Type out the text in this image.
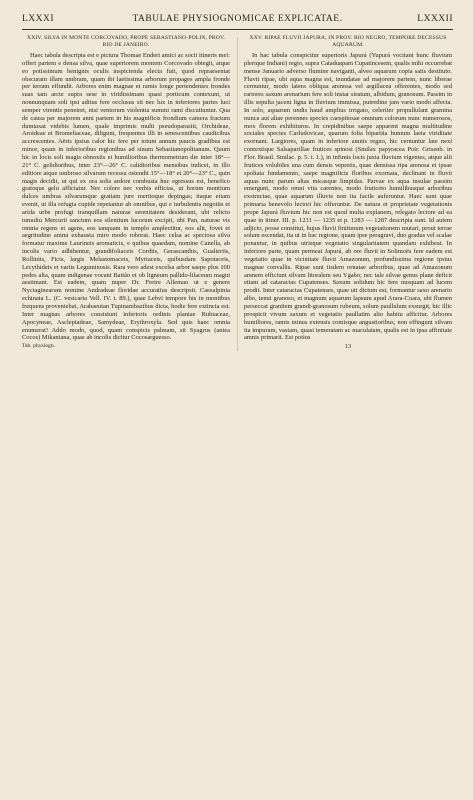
LXXXI	TABULAE PHYSIOGNOMICAE EXPLICATAE.	LXXXII
XXIV. SILVA IN MONTE CORCOVADO, PROPE SEBASTIANO-POLIN, PROV. RIO DE JANEIRO.

Haec tabula descripta est e pictura Thomae Enderi amici ac socii itineris mei: offert partem e densa silva, quae superiorem montem Corcovado obtegit, atque eo potissimum benignis oculis inspicienda electa fuit, quod repraesentat obscuram illam umbram, quam ibi laetissima arborum propages ampla fronde per terram effundit. Arbores enim magnae et ramis longe pertendentes frondes suas tam arcte supra sese in viridissimam quasi porticum contexunt, ut nonnunquam soli ipsi aditus fere occlusus sit nec lux in inferiores partes luci semper virentis penetret, nisi ventorum violentia summi rami discutiuntur. Qua de causa per majorem anni partem in his magnificis frondium camera fractum dumtaxat videbis lumen, quale imprimis multi pseudoparasiti, Orchideae, Aroideae et Bromeliaceae, diligunt, frequentes illi in senescentibus caudicibus accrescentes. Aëris ipsius calor hic fere per totum annum paucis gradibus est minor, quam in inferioribus regionibus ad sinum Sebastianopolitanum. Quum hic in locis soli magis obnoxiis et humilioribus thermometrum die inter 18°—21° C. gelidioribus, inter 23°—26° C. calidioribus mensibus indicet, in illo editiore atque umbroso silvarum recessu ostendit 15°—18° et 20°—23° C., quin magis decidit, ut qui ex ora solis ardore combusta huc egressus est, benefico gratoque gelu afficiatur. Nec colore nec verbis efficias, ut horum montium dulces umbras silvarumque gratiam jure meritoque depingas; itaque etiam evenit, ut illa refugia cupide repetantur ab omnibus, qui e turbulentis negotiis et arida urbe profugi tranquillam naturae serenitatem desiderant, ubi relicto tumultu Mercurii sanctum eos silentium lucorum excipit, ubi Pan, naturae vis omnia regens et agens, eos tanquam in templo amplectitur, eos alit, fovet et aegritudine animi exhausta miro modo roborat. Haec celsa ac speciosa silva formatur maxime Laurineis aromaticis, e quibus quaedam, nomine Canella, ab incolis vario adhibentur, grandifoliaceis Cordiis, Gerascanthis, Gualteriis, Rolliniis, Ficis, largis Melastomaceis, Myrtaceis, quibusdam Sapotaceis, Lecythideis et variis Leguminosis. Rara vero adest excelsa arbor saepe plus 100 pedes alta, quam indigenae vocant Battão et ob ligneum pallido-lilaceum magni aestimant. Est eadem, quam nuper Dr. Freire Allemao ut e genere Nyctaginearum nomine Andradeae floridae accuratius descripsit. Caesalpinia echinata L. (C. vesicaria Vell. IV. t. 89.), quae Lebvi tempore his in montibus frequens proveniebat, Arabaeutan Tupinambazibus dicta, hodie fere extincta est. Inter magnas arbores consistunt inferioris ordinis plantae Rubiaceae, Apocyneae, Asclepiadeae, Samydeae, Erythroxyla. Sed quis haec omnia enumerat! Addo modo, quod, quam conspicis palmam, sit Syagrus (antea Cocos) Mikaniana, quae ab incolis dicitur Cocosarguesso.

Tab. physiogn.
XXV. RIPAE FLUVII JAPURA, IN PROV. RIO NEGRO, TEMPORE DECESSUS AQUARUM.

In hac tabula conspicitur superioris Japurá (Yupurá vocitant hunc fluvium plerique Indiani) regio, supra Cataduapam Cupatincesem, qualis mihi occurrebat mense Januario adverso flumine naviganti, alveo aquarum copia satis destituto. Fluvii ripae, ubi aqua magna est, inundatae ad majorem partem, nunc liberae cernuntur, modo latera obliqua arenosa vel argillacea offerentes, modo sed rariores saxum arenarium fere soli instar stratum, albidum, granosum. Passim in illis sepulta jacent ligna in fluvium immissa, putredine jam vario modo affecta. In solo, aquarum undis haud amplius irrigato, celeriter propullulant gramina nunca aut aliae perennes species caespitosae omnium colorum nunc numerosos, mox florem exhibituros. In crepidinibus saepe apparent magna multitudine sociales species Carludovicae, quarum folia bipartita humum laeta viriditate exornant. Largiores, quam in inferiore amnis regno, hic cernuntur late nexi contextique Salsaparillae frutices spinosi (Smilax papyracea Poir. Grisenb. in Flor. Brasil. Smilac. p. 5. t. 1.), in infimis locis juxta fluvium vigentes, atque alii frutices volubiles una cum densis vepretis, quae densissa ripa arenosa et ipsae spoliata fundamento, saepe magnificis floribus exornata, declinant in fluvii aquas nunc parum altas micasque limpidas. Parvae ex aqua insulae passim emergunt, modo omni vita carentes, modo fruticeto humilibusque arboribus exstructae, quae aquarum illuvie non ita facile auferuntur. Haec sunt quae primaria benevolo lectori hic offeruntur. De natura et proprietate vegetationis prope Japurá fluvium hic non est quod multa explanem, relegato lectore ad ea quae in itiner. III. p. 1231 — 1235 et p. 1283 — 1287 descripta sunt. Id autem adjicio, posse constitui, hujus fluvii finitimum vegetationem mutari, prout terrae solum escendat, ita ut in hac regione, quam ipse peragravi, duo gradus vel scalae ponantur, in quibus utrisque vegetatio singularitatem quandam exhibeat. In inferiore parte, quam permeat Japurá, ab ore fluvii in Solimoës fere eadem est vegetatio quae in vicinitate fluvii Amazonum, profundissima regione ipsius magnae convallis. Ripae sunt iisdem ornatae arboribus, quae ad Amazonum amnem efficiunt silvam litoralem seu Ygabo; nec tale silvae genus plane deficit etiam ad cataractas Cupatenses. Saxum solidum hic fere nusquam ad lucem prodit. Inter cataractas Cupatenses, quae uti dictum est, formantur saxo arenario albo, tenui granoso, et magnum aquarum lapsum apud Arara-Coara, ubi flumen perseccat granitem grandi-granosum rubeum, solum paullulum exsurgit, hic illic prospicit vivum saxum et vegetatio paullatim alio habitu afficitur. Arbores humiliores, ramis minus extensis comisque angustioribus, non effingunt silvam ita impuram, vastam, quasi temeratam ac maculatam, qualis est in ipsa affinitate amnis primarii. Est potius

13
